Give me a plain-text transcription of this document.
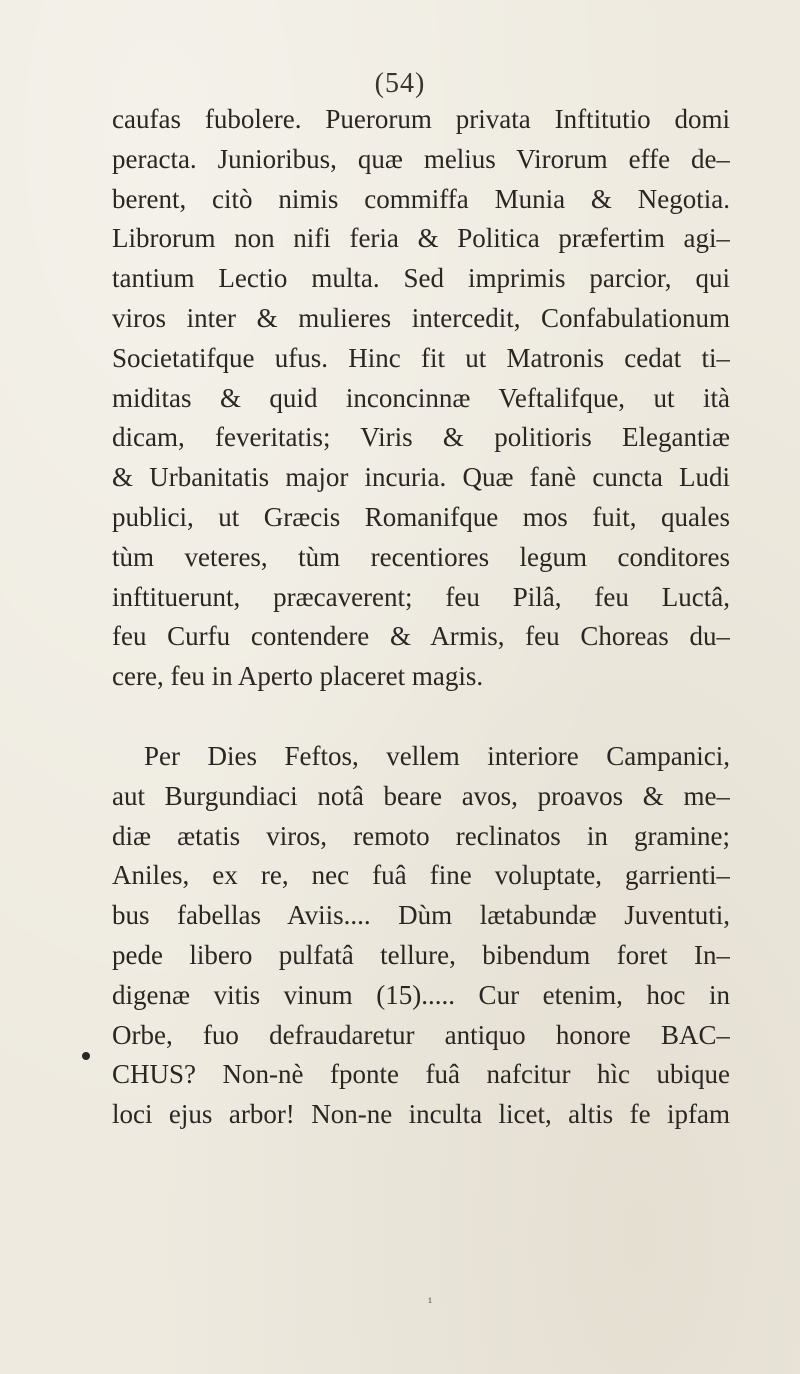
(54)
caufas fubolere. Puerorum privata Inftitutio domi
peracta. Junioribus, quæ melius Virorum effe de–
berent, citò nimis commiffa Munia & Negotia.
Librorum non nifi feria & Politica præfertim agi–
tantium Lectio multa. Sed imprimis parcior, qui
viros inter & mulieres intercedit, Confabulationum
Societatifque ufus. Hinc fit ut Matronis cedat ti–
miditas & quid inconcinnæ Veftalifque, ut ità
dicam, feveritatis; Viris & politioris Elegantiæ
& Urbanitatis major incuria. Quæ fanè cuncta Ludi
publici, ut Græcis Romanifque mos fuit, quales
tùm veteres, tùm recentiores legum conditores
inftituerunt, præcaverent; feu Pilâ, feu Luctâ,
feu Curfu contendere & Armis, feu Choreas du–
cere, feu in Aperto placeret magis.
Per Dies Feftos, vellem interiore Campanici,
aut Burgundiaci notâ beare avos, proavos & me–
diæ ætatis viros, remoto reclinatos in gramine;
Aniles, ex re, nec fuâ fine voluptate, garrienti–
bus fabellas Aviis.... Dùm lætabundæ Juventuti,
pede libero pulfatâ tellure, bibendum foret In–
digenæ vitis vinum (15)..... Cur etenim, hoc in
Orbe, fuo defraudaretur antiquo honore BAC–
CHUS? Non-nè fponte fuâ nafcitur hìc ubique
loci ejus arbor! Non-ne inculta licet, altis fe ipfam
¹
